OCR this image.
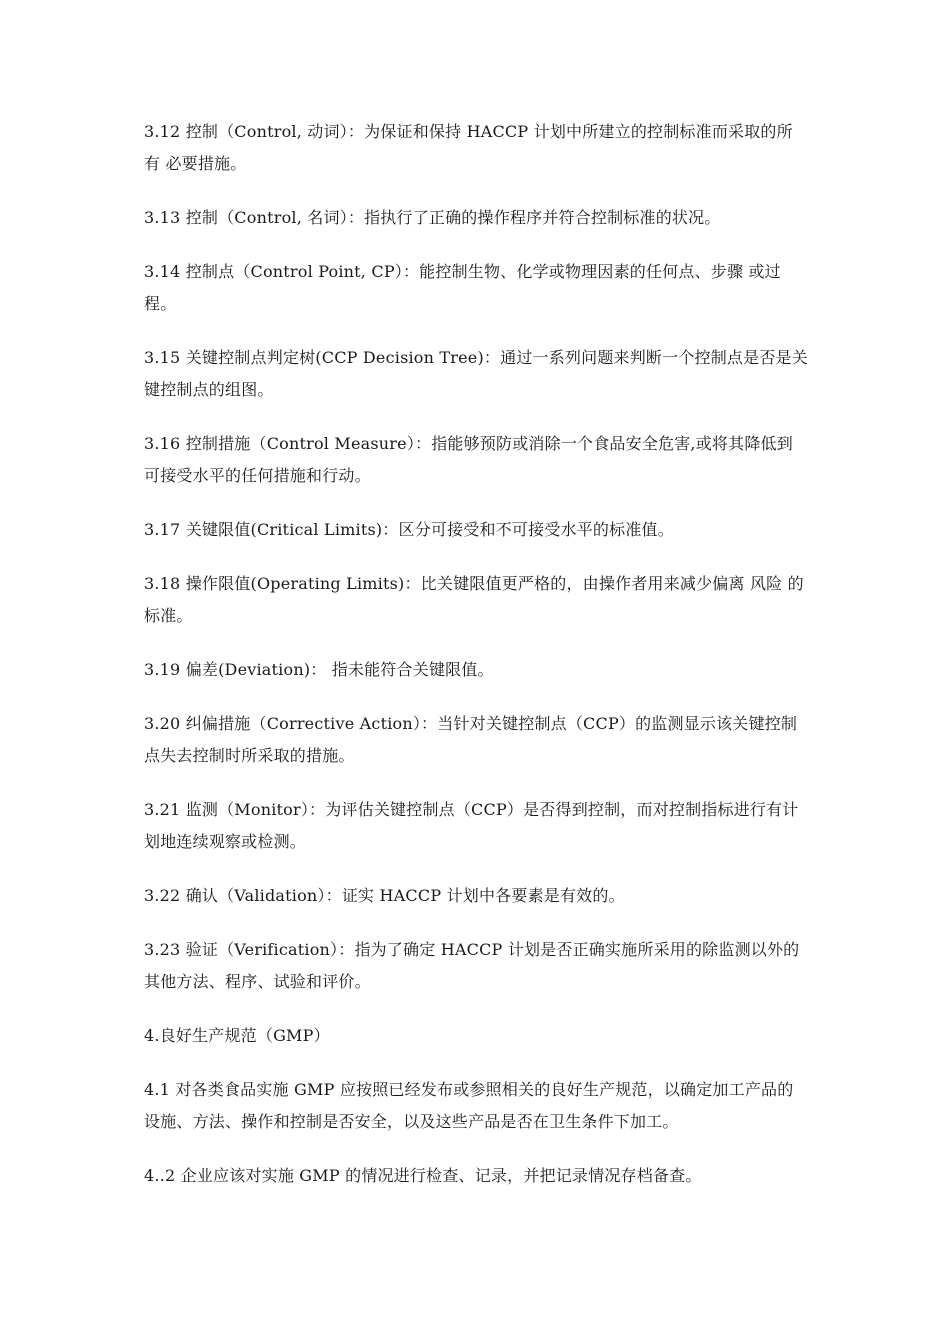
3.12 控制（Control, 动词）：为保证和保持 HACCP 计划中所建立的控制标准而采取的所有 必要措施。

3.13 控制（Control, 名词）：指执行了正确的操作程序并符合控制标准的状况。

3.14 控制点（Control Point, CP）：能控制生物、化学或物理因素的任何点、步骤 或过程。

3.15 关键控制点判定树(CCP Decision Tree)：通过一系列问题来判断一个控制点是否是关键控制点的组图。

3.16 控制措施（Control Measure）：指能够预防或消除一个食品安全危害,或将其降低到 可接受水平的任何措施和行动。

3.17 关键限值(Critical Limits)：区分可接受和不可接受水平的标准值。

3.18 操作限值(Operating Limits)：比关键限值更严格的，由操作者用来减少偏离 风险 的标准。

3.19 偏差(Deviation)： 指未能符合关键限值。

3.20 纠偏措施（Corrective Action）：当针对关键控制点（CCP）的监测显示该关键控制 点失去控制时所采取的措施。

3.21 监测（Monitor）：为评估关键控制点（CCP）是否得到控制，而对控制指标进行有计 划地连续观察或检测。

3.22 确认（Validation）：证实 HACCP 计划中各要素是有效的。

3.23 验证（Verification）：指为了确定 HACCP 计划是否正确实施所采用的除监测以外的 其他方法、程序、试验和评价。

4.良好生产规范（GMP）

4.1 对各类食品实施 GMP 应按照已经发布或参照相关的良好生产规范，以确定加工产品的设施、方法、操作和控制是否安全，以及这些产品是否在卫生条件下加工。

4..2 企业应该对实施 GMP 的情况进行检查、记录，并把记录情况存档备查。
